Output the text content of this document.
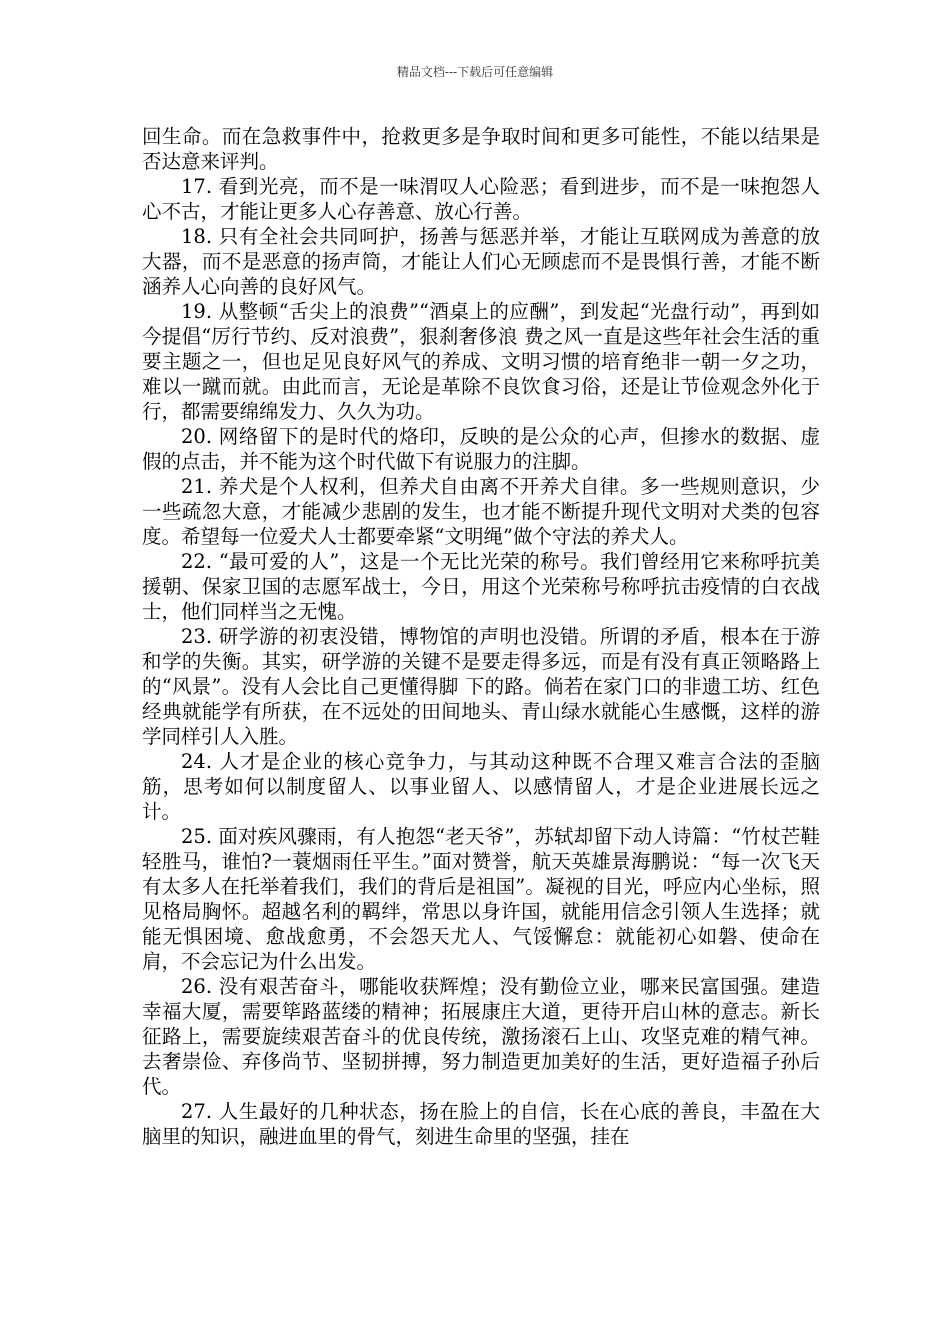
精品文档---下载后可任意编辑

回生命。而在急救事件中，抢救更多是争取时间和更多可能性，不能以结果是否达意来评判。

17. 看到光亮，而不是一味渭叹人心险恶；看到进步，而不是一味抱怨人心不古，才能让更多人心存善意、放心行善。

18. 只有全社会共同呵护，扬善与惩恶并举，才能让互联网成为善意的放大器，而不是恶意的扬声筒，才能让人们心无顾虑而不是畏惧行善，才能不断涵养人心向善的良好风气。

19. 从整顿“舌尖上的浪费”“酒桌上的应酬”，到发起“光盘行动”，再到如今提倡“厉行节约、反对浪费”，狠刹奢侈浪 费之风一直是这些年社会生活的重要主题之一，但也足见良好风气的养成、文明习惯的培育绝非一朝一夕之功，难以一蹴而就。由此而言，无论是革除不良饮食习俗，还是让节俭观念外化于行，都需要绵绵发力、久久为功。

20. 网络留下的是时代的烙印，反映的是公众的心声，但掺水的数据、虚假的点击，并不能为这个时代做下有说服力的注脚。

21. 养犬是个人权利，但养犬自由离不开养犬自律。多一些规则意识，少一些疏忽大意，才能减少悲剧的发生，也才能不断提升现代文明对犬类的包容度。希望每一位爱犬人士都要牵紧“文明绳”做个守法的养犬人。

22. “最可爱的人”，这是一个无比光荣的称号。我们曾经用它来称呼抗美援朝、保家卫国的志愿军战士，今日，用这个光荣称号称呼抗击疫情的白衣战士，他们同样当之无愧。

23. 研学游的初衷没错，博物馆的声明也没错。所谓的矛盾，根本在于游和学的失衡。其实，研学游的关键不是要走得多远，而是有没有真正领略路上的“风景”。没有人会比自己更懂得脚 下的路。倘若在家门口的非遗工坊、红色经典就能学有所获，在不远处的田间地头、青山绿水就能心生感慨，这样的游学同样引人入胜。

24. 人才是企业的核心竞争力，与其动这种既不合理又难言合法的歪脑筋，思考如何以制度留人、以事业留人、以感情留人，才是企业进展长远之计。

25. 面对疾风骤雨，有人抱怨“老天爷”，苏轼却留下动人诗篇：“竹杖芒鞋轻胜马，谁怕?一蓑烟雨任平生。”面对赞誉，航天英雄景海鹏说：“每一次飞天有太多人在托举着我们，我们的背后是祖国”。凝视的目光，呼应内心坐标，照见格局胸怀。超越名利的羁绊，常思以身许国，就能用信念引领人生选择；就能无惧困境、愈战愈勇，不会怨天尤人、气馁懈怠：就能初心如磐、使命在肩，不会忘记为什么出发。

26. 没有艰苦奋斗，哪能收获辉煌；没有勤俭立业，哪来民富国强。建造幸福大厦，需要筚路蓝缕的精神；拓展康庄大道，更待开启山林的意志。新长征路上，需要旋续艰苦奋斗的优良传统，激扬滚石上山、攻坚克难的精气神。去奢崇俭、弃侈尚节、坚韧拼搏，努力制造更加美好的生活，更好造福子孙后代。

27. 人生最好的几种状态，扬在脸上的自信，长在心底的善良，丰盈在大脑里的知识，融进血里的骨气，刻进生命里的坚强，挂在
